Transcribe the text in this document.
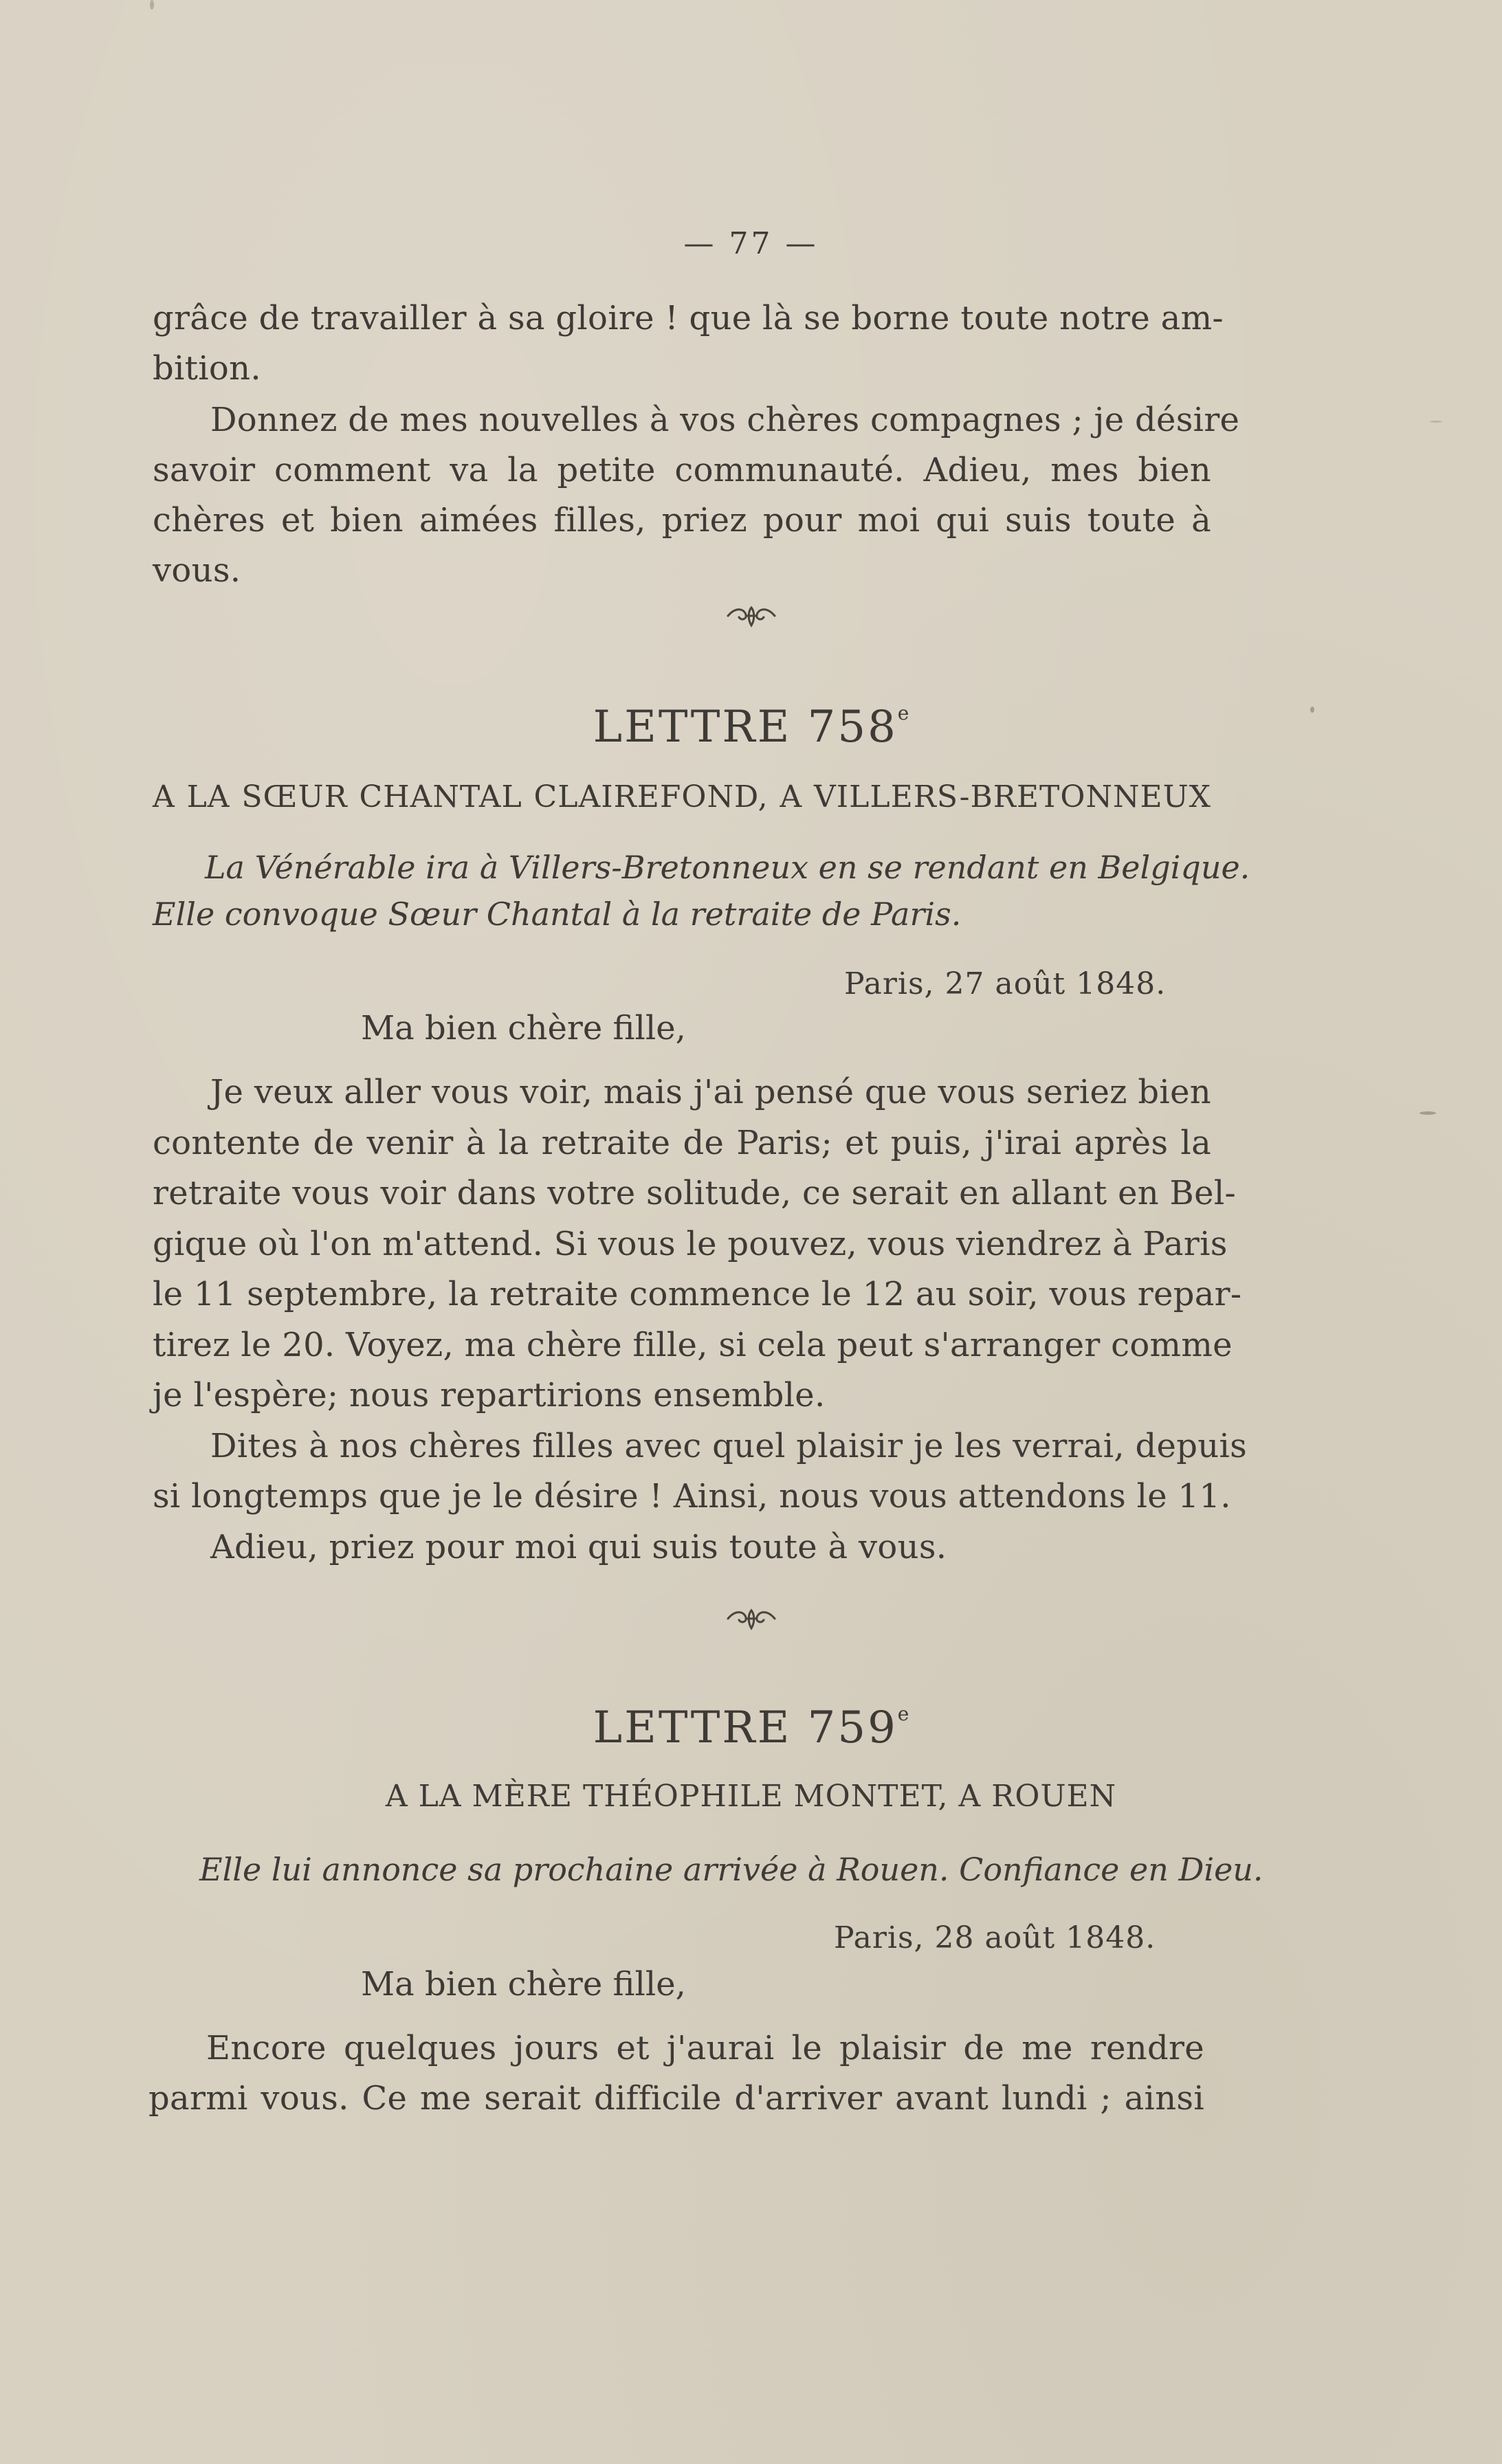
— 77 —
grâce de travailler à sa gloire ! que là se borne toute notre am-
bition.
Donnez de mes nouvelles à vos chères compagnes ; je désire
savoir comment va la petite communauté. Adieu, mes bien
chères et bien aimées filles, priez pour moi qui suis toute à
vous.
LETTRE 758e
A LA SŒUR CHANTAL CLAIREFOND, A VILLERS-BRETONNEUX
La Vénérable ira à Villers-Bretonneux en se rendant en Belgique.
Elle convoque Sœur Chantal à la retraite de Paris.
Paris, 27 août 1848.
Ma bien chère fille,
Je veux aller vous voir, mais j'ai pensé que vous seriez bien
contente de venir à la retraite de Paris; et puis, j'irai après la
retraite vous voir dans votre solitude, ce serait en allant en Bel-
gique où l'on m'attend. Si vous le pouvez, vous viendrez à Paris
le 11 septembre, la retraite commence le 12 au soir, vous repar-
tirez le 20. Voyez, ma chère fille, si cela peut s'arranger comme
je l'espère; nous repartirions ensemble.
Dites à nos chères filles avec quel plaisir je les verrai, depuis
si longtemps que je le désire ! Ainsi, nous vous attendons le 11.
Adieu, priez pour moi qui suis toute à vous.
LETTRE 759e
A LA MÈRE THÉOPHILE MONTET, A ROUEN
Elle lui annonce sa prochaine arrivée à Rouen. Confiance en Dieu.
Paris, 28 août 1848.
Ma bien chère fille,
Encore quelques jours et j'aurai le plaisir de me rendre
parmi vous. Ce me serait difficile d'arriver avant lundi ; ainsi
